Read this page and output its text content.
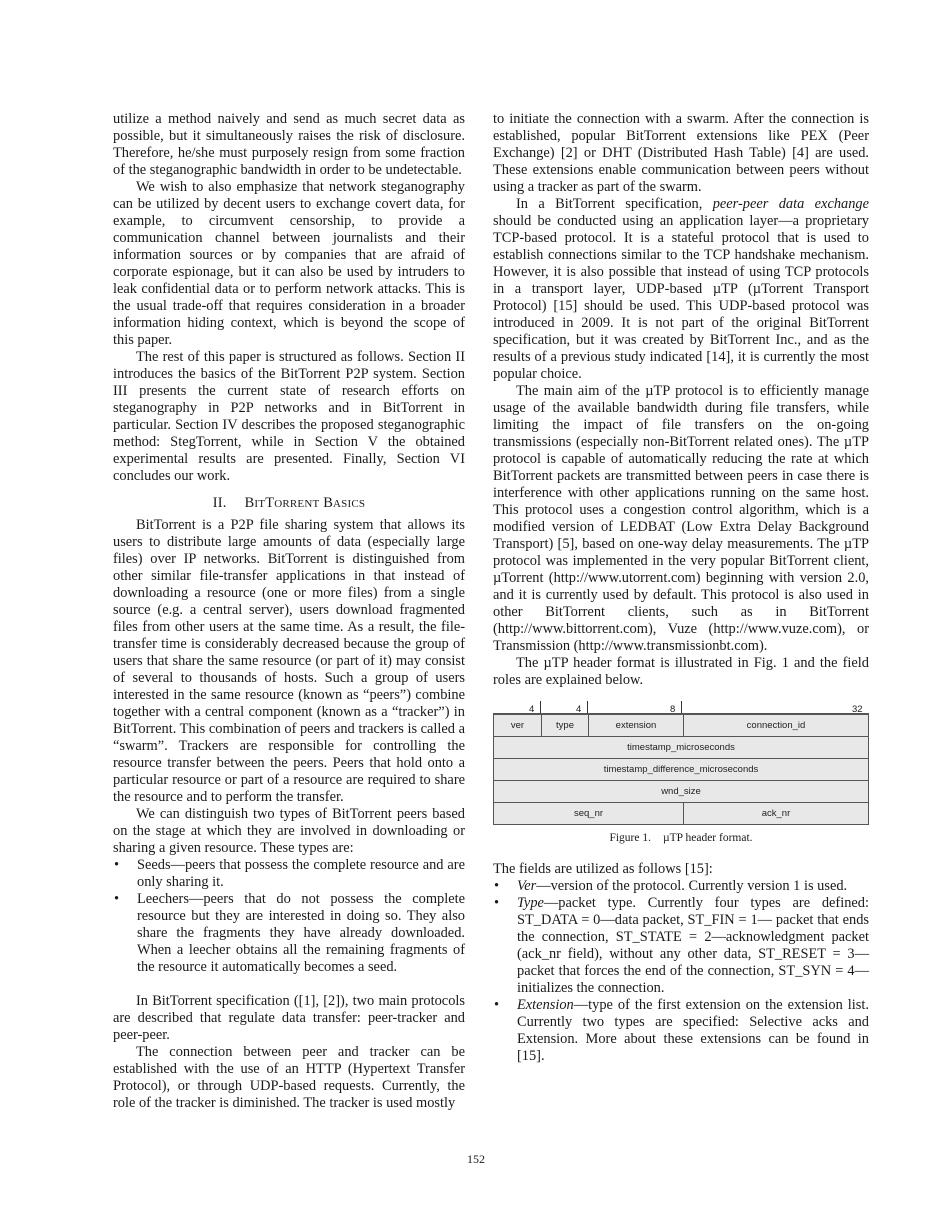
utilize a method naively and send as much secret data as possible, but it simultaneously raises the risk of disclosure. Therefore, he/she must purposely resign from some fraction of the steganographic bandwidth in order to be undetectable.

We wish to also emphasize that network steganography can be utilized by decent users to exchange covert data, for example, to circumvent censorship, to provide a communication channel between journalists and their information sources or by companies that are afraid of corporate espionage, but it can also be used by intruders to leak confidential data or to perform network attacks. This is the usual trade-off that requires consideration in a broader information hiding context, which is beyond the scope of this paper.

The rest of this paper is structured as follows. Section II introduces the basics of the BitTorrent P2P system. Section III presents the current state of research efforts on steganography in P2P networks and in BitTorrent in particular. Section IV describes the proposed steganographic method: StegTorrent, while in Section V the obtained experimental results are presented. Finally, Section VI concludes our work.

II. BITTORRENT BASICS

BitTorrent is a P2P file sharing system that allows its users to distribute large amounts of data (especially large files) over IP networks. BitTorrent is distinguished from other similar file-transfer applications in that instead of downloading a resource (one or more files) from a single source (e.g. a central server), users download fragmented files from other users at the same time. As a result, the file-transfer time is considerably decreased because the group of users that share the same resource (or part of it) may consist of several to thousands of hosts. Such a group of users interested in the same resource (known as “peers”) combine together with a central component (known as a “tracker”) in BitTorrent. This combination of peers and trackers is called a “swarm”. Trackers are responsible for controlling the resource transfer between the peers. Peers that hold onto a particular resource or part of a resource are required to share the resource and to perform the transfer.

We can distinguish two types of BitTorrent peers based on the stage at which they are involved in downloading or sharing a given resource. These types are:

• Seeds—peers that possess the complete resource and are only sharing it.
• Leechers—peers that do not possess the complete resource but they are interested in doing so. They also share the fragments they have already downloaded. When a leecher obtains all the remaining fragments of the resource it automatically becomes a seed.

In BitTorrent specification ([1], [2]), two main protocols are described that regulate data transfer: peer-tracker and peer-peer.

The connection between peer and tracker can be established with the use of an HTTP (Hypertext Transfer Protocol), or through UDP-based requests. Currently, the role of the tracker is diminished. The tracker is used mostly

to initiate the connection with a swarm. After the connection is established, popular BitTorrent extensions like PEX (Peer Exchange) [2] or DHT (Distributed Hash Table) [4] are used. These extensions enable communication between peers without using a tracker as part of the swarm.

In a BitTorrent specification, peer-peer data exchange should be conducted using an application layer—a proprietary TCP-based protocol. It is a stateful protocol that is used to establish connections similar to the TCP handshake mechanism. However, it is also possible that instead of using TCP protocols in a transport layer, UDP-based µTP (µTorrent Transport Protocol) [15] should be used. This UDP-based protocol was introduced in 2009. It is not part of the original BitTorrent specification, but it was created by BitTorrent Inc., and as the results of a previous study indicated [14], it is currently the most popular choice.

The main aim of the µTP protocol is to efficiently manage usage of the available bandwidth during file transfers, while limiting the impact of file transfers on the on-going transmissions (especially non-BitTorrent related ones). The µTP protocol is capable of automatically reducing the rate at which BitTorrent packets are transmitted between peers in case there is interference with other applications running on the same host. This protocol uses a congestion control algorithm, which is a modified version of LEDBAT (Low Extra Delay Background Transport) [5], based on one-way delay measurements. The µTP protocol was implemented in the very popular BitTorrent client, µTorrent (http://www.utorrent.com) beginning with version 2.0, and it is currently used by default. This protocol is also used in other BitTorrent clients, such as in BitTorrent (http://www.bittorrent.com), Vuze (http://www.vuze.com), or Transmission (http://www.transmissionbt.com).

The µTP header format is illustrated in Fig. 1 and the field roles are explained below.

4	4	8	32
ver	type	extension	connection_id
timestamp_microseconds			
timestamp_difference_microseconds			
wnd_size			
seq_nr			ack_nr
Figure 1. µTP header format.

The fields are utilized as follows [15]:

• Ver—version of the protocol. Currently version 1 is used.
• Type—packet type. Currently four types are defined: ST_DATA = 0—data packet, ST_FIN = 1— packet that ends the connection, ST_STATE = 2—acknowledgment packet (ack_nr field), without any other data, ST_RESET = 3—packet that forces the end of the connection, ST_SYN = 4—initializes the connection.
• Extension—type of the first extension on the extension list. Currently two types are specified: Selective acks and Extension. More about these extensions can be found in [15].
152
